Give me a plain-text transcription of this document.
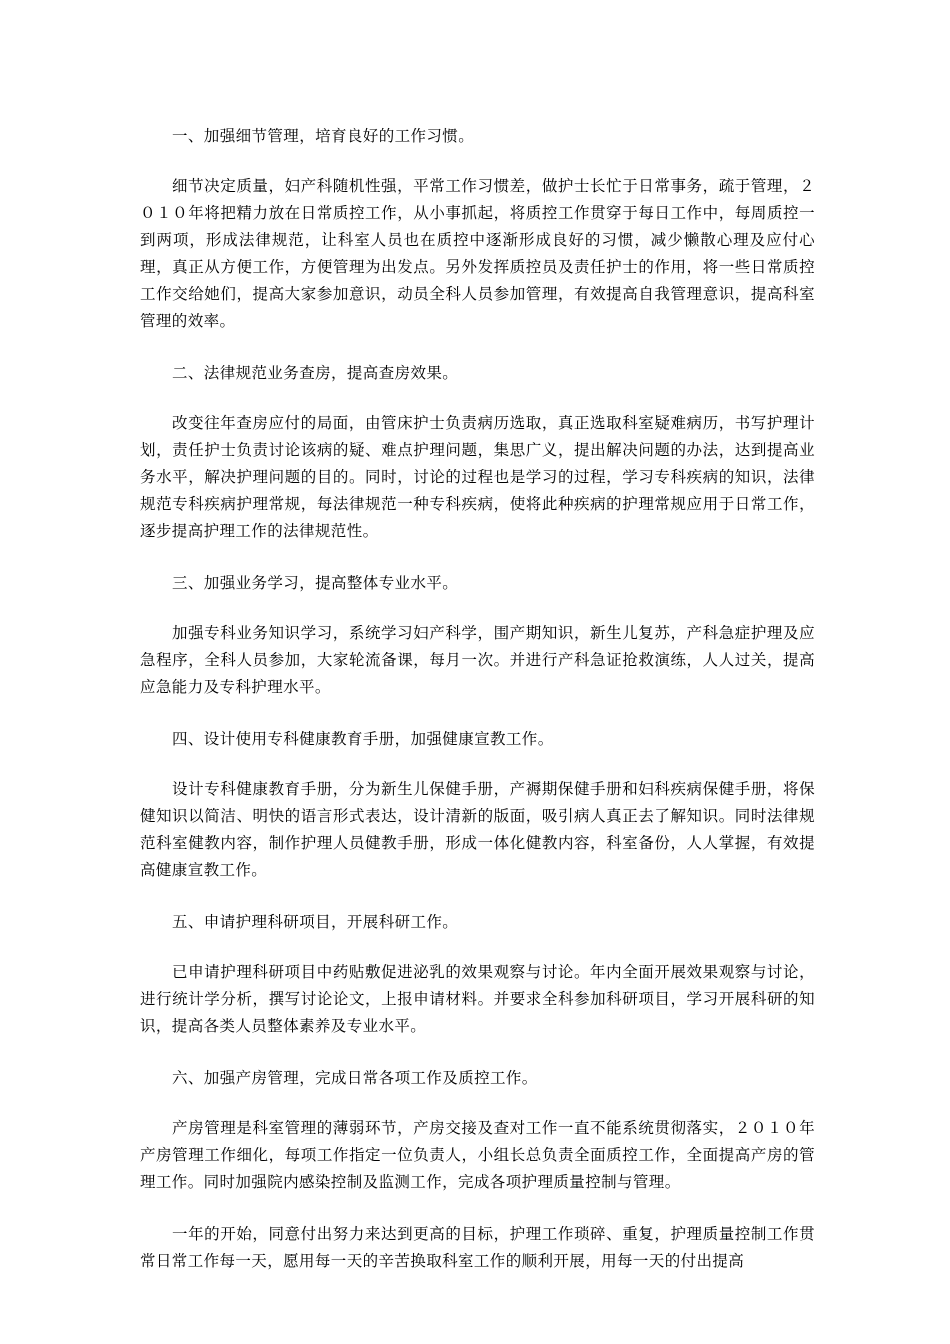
一、加强细节管理，培育良好的工作习惯。

细节决定质量，妇产科随机性强，平常工作习惯差，做护士长忙于日常事务，疏于管理，２０１０年将把精力放在日常质控工作，从小事抓起，将质控工作贯穿于每日工作中，每周质控一到两项，形成法律规范，让科室人员也在质控中逐渐形成良好的习惯，减少懒散心理及应付心理，真正从方便工作，方便管理为出发点。另外发挥质控员及责任护士的作用，将一些日常质控工作交给她们，提高大家参加意识，动员全科人员参加管理，有效提高自我管理意识，提高科室管理的效率。

二、法律规范业务查房，提高查房效果。

改变往年查房应付的局面，由管床护士负责病历选取，真正选取科室疑难病历，书写护理计划，责任护士负责讨论该病的疑、难点护理问题，集思广义，提出解决问题的办法，达到提高业务水平，解决护理问题的目的。同时，讨论的过程也是学习的过程，学习专科疾病的知识，法律规范专科疾病护理常规，每法律规范一种专科疾病，使将此种疾病的护理常规应用于日常工作，逐步提高护理工作的法律规范性。

三、加强业务学习，提高整体专业水平。

加强专科业务知识学习，系统学习妇产科学，围产期知识，新生儿复苏，产科急症护理及应急程序，全科人员参加，大家轮流备课，每月一次。并进行产科急证抢救演练，人人过关，提高应急能力及专科护理水平。

四、设计使用专科健康教育手册，加强健康宣教工作。

设计专科健康教育手册，分为新生儿保健手册，产褥期保健手册和妇科疾病保健手册，将保健知识以简洁、明快的语言形式表达，设计清新的版面，吸引病人真正去了解知识。同时法律规范科室健教内容，制作护理人员健教手册，形成一体化健教内容，科室备份，人人掌握，有效提高健康宣教工作。

五、申请护理科研项目，开展科研工作。

已申请护理科研项目中药贴敷促进泌乳的效果观察与讨论。年内全面开展效果观察与讨论，进行统计学分析，撰写讨论论文，上报申请材料。并要求全科参加科研项目，学习开展科研的知识，提高各类人员整体素养及专业水平。

六、加强产房管理，完成日常各项工作及质控工作。

产房管理是科室管理的薄弱环节，产房交接及查对工作一直不能系统贯彻落实，２０１０年产房管理工作细化，每项工作指定一位负责人，小组长总负责全面质控工作，全面提高产房的管理工作。同时加强院内感染控制及监测工作，完成各项护理质量控制与管理。

一年的开始，同意付出努力来达到更高的目标，护理工作琐碎、重复，护理质量控制工作贯常日常工作每一天，愿用每一天的辛苦换取科室工作的顺利开展，用每一天的付出提高
